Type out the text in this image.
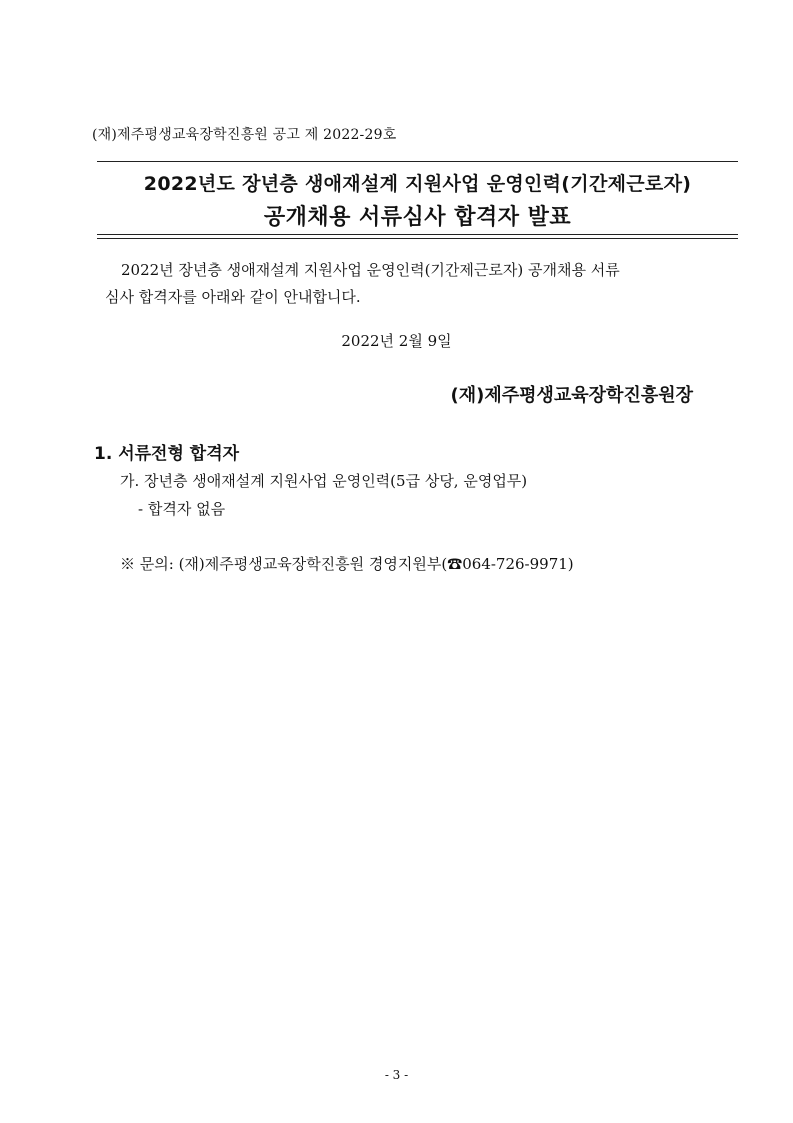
(재)제주평생교육장학진흥원 공고 제 2022-29호
2022년도 장년층 생애재설계 지원사업 운영인력(기간제근로자)
공개채용 서류심사 합격자 발표
2022년 장년층 생애재설계 지원사업 운영인력(기간제근로자) 공개채용 서류
심사 합격자를 아래와 같이 안내합니다.
2022년 2월 9일
(재)제주평생교육장학진흥원장
1. 서류전형 합격자
가. 장년층 생애재설계 지원사업 운영인력(5급 상당, 운영업무)
- 합격자 없음
※ 문의: (재)제주평생교육장학진흥원 경영지원부(☎064-726-9971)
- 3 -
